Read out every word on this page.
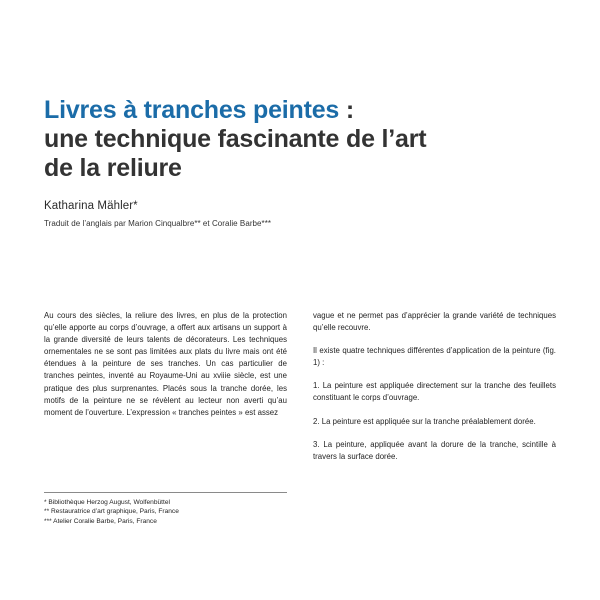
Livres à tranches peintes :
une technique fascinante de l’art
de la reliure
Katharina Mähler*
Traduit de l’anglais par Marion Cinqualbre** et Coralie Barbe***

Au cours des siècles, la reliure des livres, en plus de la protection qu’elle apporte au corps d’ouvrage, a offert aux artisans un support à la grande diversité de leurs talents de décorateurs. Les techniques ornementales ne se sont pas limitées aux plats du livre mais ont été étendues à la peinture de ses tranches. Un cas particulier de tranches peintes, inventé au Royaume-Uni au xviiie siècle, est une pratique des plus surprenantes. Placés sous la tranche dorée, les motifs de la peinture ne se révèlent au lecteur non averti qu’au moment de l’ouverture. L’expression « tranches peintes » est assez

vague et ne permet pas d’apprécier la grande variété de techniques qu’elle recouvre.

Il existe quatre techniques différentes d’application de la peinture (fig. 1) :

1. La peinture est appliquée directement sur la tranche des feuillets constituant le corps d’ouvrage.

2. La peinture est appliquée sur la tranche préalablement dorée.

3. La peinture, appliquée avant la dorure de la tranche, scintille à travers la surface dorée.

* Bibliothèque Herzog August, Wolfenbüttel
** Restauratrice d’art graphique, Paris, France
*** Atelier Coralie Barbe, Paris, France
